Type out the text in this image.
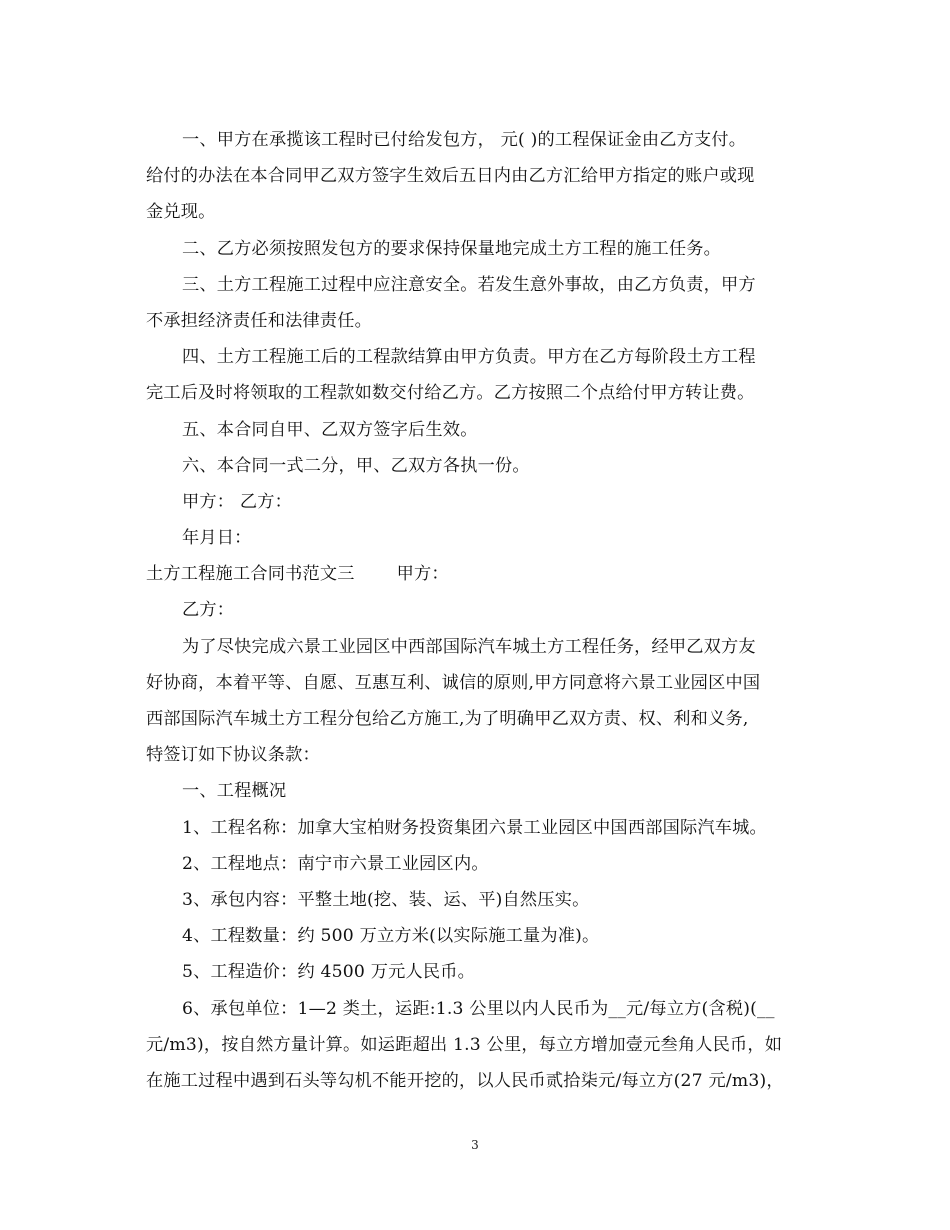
一、甲方在承揽该工程时已付给发包方， 元( )的工程保证金由乙方支付。
给付的办法在本合同甲乙双方签字生效后五日内由乙方汇给甲方指定的账户或现
金兑现。
二、乙方必须按照发包方的要求保持保量地完成土方工程的施工任务。
三、土方工程施工过程中应注意安全。若发生意外事故，由乙方负责，甲方
不承担经济责任和法律责任。
四、土方工程施工后的工程款结算由甲方负责。甲方在乙方每阶段土方工程
完工后及时将领取的工程款如数交付给乙方。乙方按照二个点给付甲方转让费。
五、本合同自甲、乙双方签字后生效。
六、本合同一式二分，甲、乙双方各执一份。
甲方： 乙方：
年月日：
土方工程施工合同书范文三 甲方：
乙方：
为了尽快完成六景工业园区中西部国际汽车城土方工程任务，经甲乙双方友
好协商，本着平等、自愿、互惠互利、诚信的原则,甲方同意将六景工业园区中国
西部国际汽车城土方工程分包给乙方施工,为了明确甲乙双方责、权、利和义务,
特签订如下协议条款：
一、工程概况
1、工程名称：加拿大宝柏财务投资集团六景工业园区中国西部国际汽车城。
2、工程地点：南宁市六景工业园区内。
3、承包内容：平整土地(挖、装、运、平)自然压实。
4、工程数量：约 500 万立方米(以实际施工量为准)。
5、工程造价：约 4500 万元人民币。
6、承包单位：1—2 类土，运距:1.3 公里以内人民币为__元/每立方(含税)(__
元/m3)，按自然方量计算。如运距超出 1.3 公里，每立方增加壹元叁角人民币，如
在施工过程中遇到石头等勾机不能开挖的，以人民币贰拾柒元/每立方(27 元/m3)，
3
